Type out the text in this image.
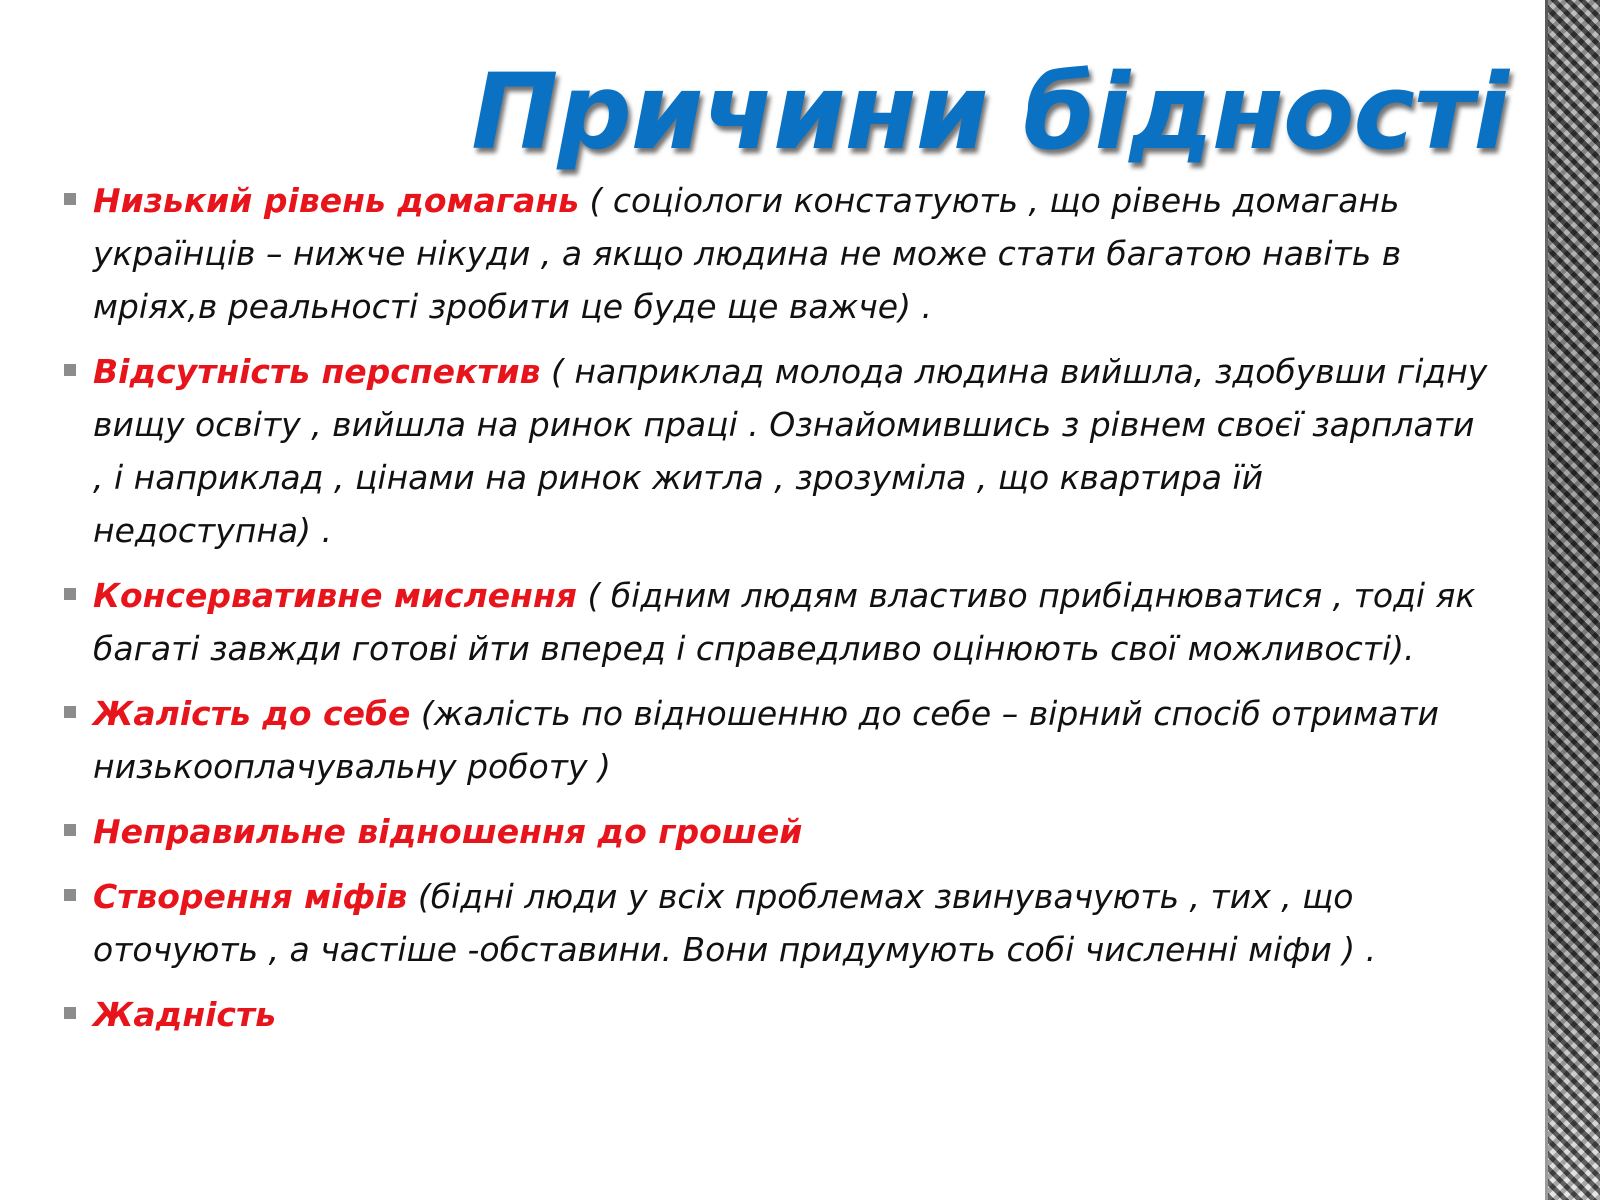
Причини бідності
Низький рівень домагань ( соціологи констатують , що рівень домагань українців – нижче нікуди , а якщо людина не може стати багатою навіть в мріях,в реальності зробити це буде ще важче) .
Відсутність перспектив ( наприклад молода людина вийшла, здобувши гідну вищу освіту , вийшла на ринок праці . Ознайомившись з рівнем своєї зарплати , і наприклад , цінами на ринок житла , зрозуміла , що квартира їй недоступна) .
Консервативне мислення ( бідним людям властиво прибіднюватися , тоді як багаті завжди готові йти вперед і справедливо оцінюють свої можливості).
Жалість до себе (жалість по відношенню до себе – вірний спосіб отримати низькооплачувальну роботу )
Неправильне відношення до грошей
Створення міфів (бідні люди у всіх проблемах звинувачують , тих , що оточують , а частіше -обставини. Вони придумують собі численні міфи ) .
Жадність
